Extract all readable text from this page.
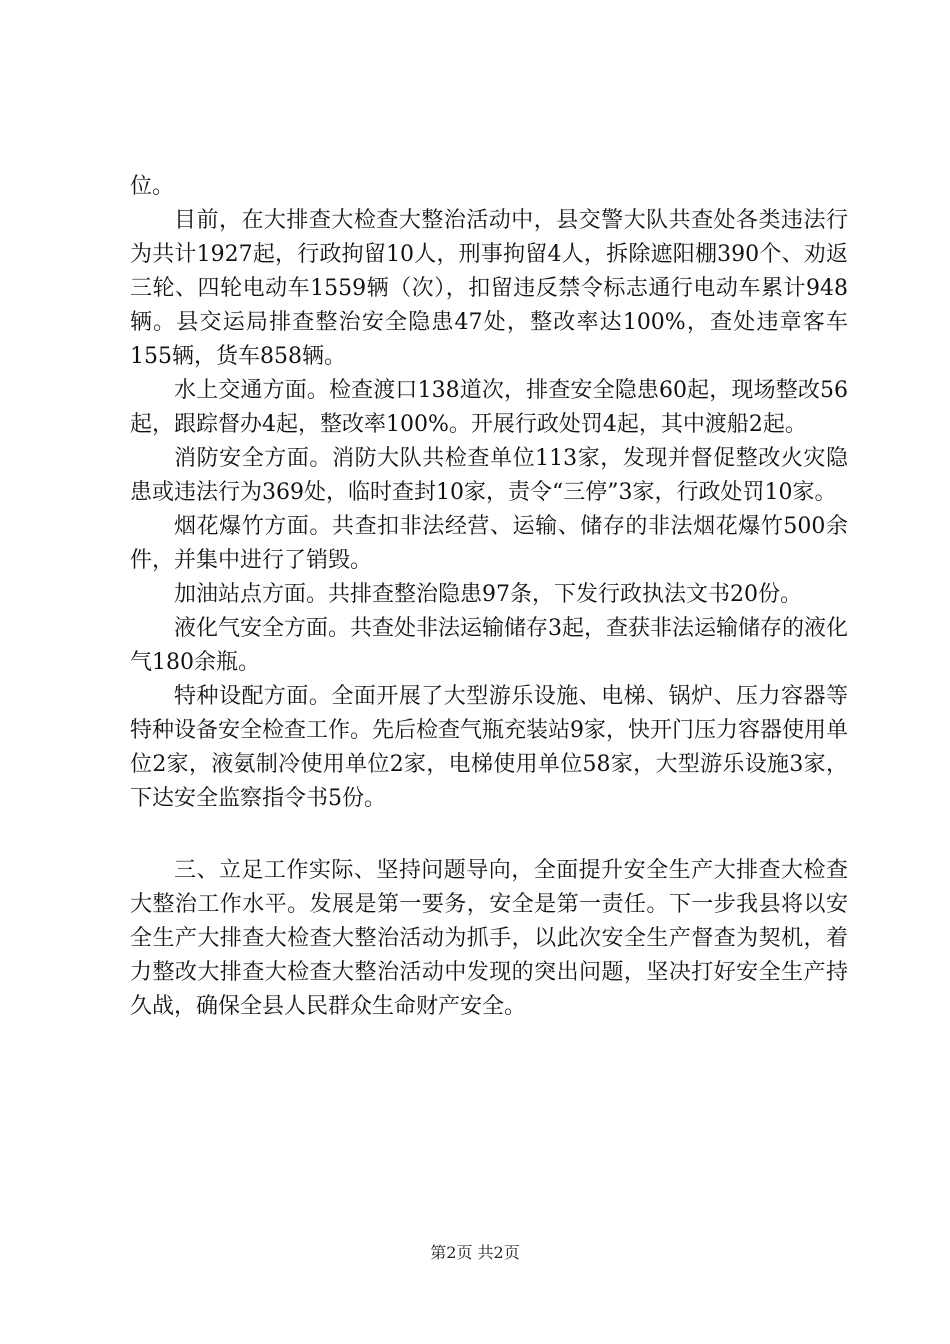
位。

目前，在大排查大检查大整治活动中，县交警大队共查处各类违法行为共计1927起，行政拘留10人，刑事拘留4人，拆除遮阳棚390个、劝返三轮、四轮电动车1559辆（次），扣留违反禁令标志通行电动车累计948辆。县交运局排查整治安全隐患47处，整改率达100%，查处违章客车155辆，货车858辆。

水上交通方面。检查渡口138道次，排查安全隐患60起，现场整改56起，跟踪督办4起，整改率100%。开展行政处罚4起，其中渡船2起。

消防安全方面。消防大队共检查单位113家，发现并督促整改火灾隐患或违法行为369处，临时查封10家，责令“三停”3家，行政处罚10家。

烟花爆竹方面。共查扣非法经营、运输、储存的非法烟花爆竹500余件，并集中进行了销毁。

加油站点方面。共排查整治隐患97条，下发行政执法文书20份。

液化气安全方面。共查处非法运输储存3起，查获非法运输储存的液化气180余瓶。

特种设配方面。全面开展了大型游乐设施、电梯、锅炉、压力容器等特种设备安全检查工作。先后检查气瓶充装站9家，快开门压力容器使用单位2家，液氨制冷使用单位2家，电梯使用单位58家，大型游乐设施3家，下达安全监察指令书5份。

三、立足工作实际、坚持问题导向，全面提升安全生产大排查大检查大整治工作水平。发展是第一要务，安全是第一责任。下一步我县将以安全生产大排查大检查大整治活动为抓手，以此次安全生产督查为契机，着力整改大排查大检查大整治活动中发现的突出问题，坚决打好安全生产持久战，确保全县人民群众生命财产安全。

第2页 共2页
